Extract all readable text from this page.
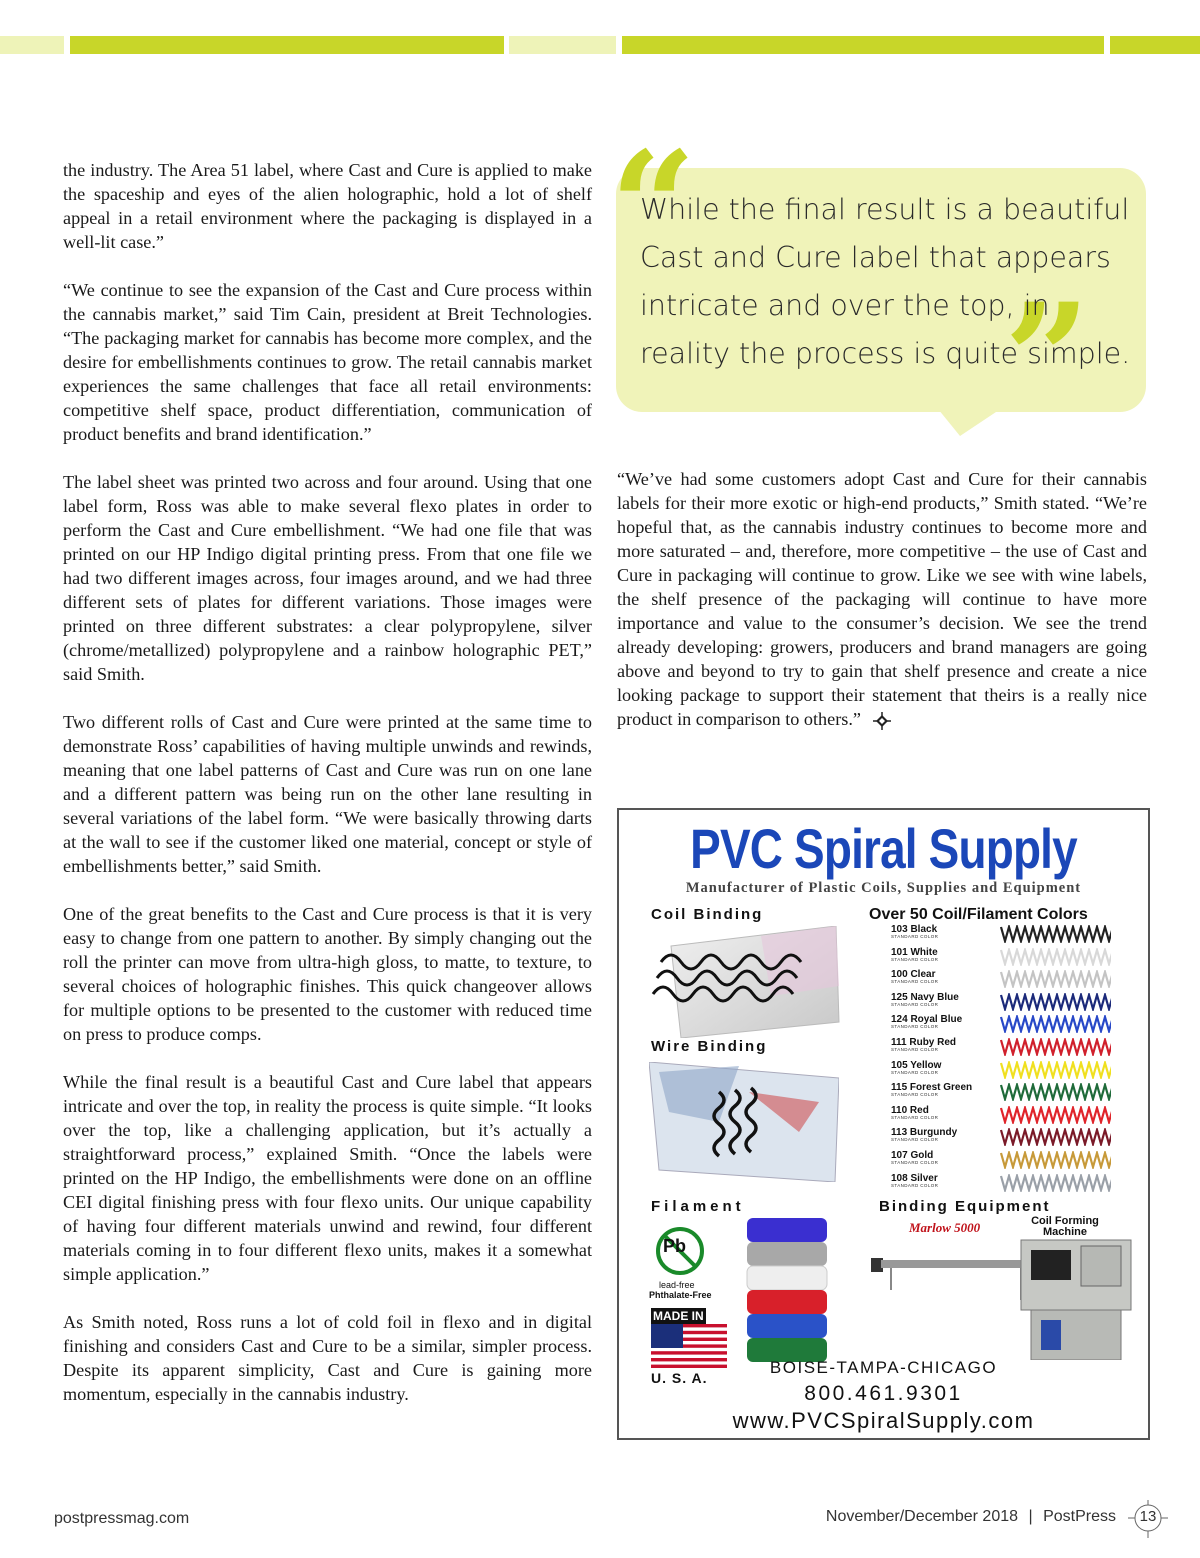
the industry. The Area 51 label, where Cast and Cure is applied to make the spaceship and eyes of the alien holographic, hold a lot of shelf appeal in a retail environment where the packaging is displayed in a well-lit case.”

“We continue to see the expansion of the Cast and Cure process within the cannabis market,” said Tim Cain, president at Breit Technologies. “The packaging market for cannabis has become more complex, and the desire for embellishments continues to grow. The retail cannabis market experiences the same challenges that face all retail environments: competitive shelf space, product differentiation, communication of product benefits and brand identification.”

The label sheet was printed two across and four around. Using that one label form, Ross was able to make several flexo plates in order to perform the Cast and Cure embellishment. “We had one file that was printed on our HP Indigo digital printing press. From that one file we had two different images across, four images around, and we had three different sets of plates for different variations. Those images were printed on three different substrates: a clear polypropylene, silver (chrome/metallized) polypropylene and a rainbow holographic PET,” said Smith.

Two different rolls of Cast and Cure were printed at the same time to demonstrate Ross’ capabilities of having multiple unwinds and rewinds, meaning that one label patterns of Cast and Cure was run on one lane and a different pattern was being run on the other lane resulting in several variations of the label form. “We were basically throwing darts at the wall to see if the customer liked one material, concept or style of embellishments better,” said Smith.

One of the great benefits to the Cast and Cure process is that it is very easy to change from one pattern to another. By simply changing out the roll the printer can move from ultra-high gloss, to matte, to texture, to several choices of holographic finishes. This quick changeover allows for multiple options to be presented to the customer with reduced time on press to produce comps.

While the final result is a beautiful Cast and Cure label that appears intricate and over the top, in reality the process is quite simple. “It looks over the top, like a challenging application, but it’s actually a straightforward process,” explained Smith. “Once the labels were printed on the HP Indigo, the embellishments were done on an offline CEI digital finishing press with four flexo units. Our unique capability of having four different materials unwind and rewind, four different materials coming in to four different flexo units, makes it a somewhat simple application.”

As Smith noted, Ross runs a lot of cold foil in flexo and in digital finishing and considers Cast and Cure to be a similar, simpler process. Despite its apparent simplicity, Cast and Cure is gaining more momentum, especially in the cannabis industry.

“
”
While the final result is a beautiful Cast and Cure label that appears intricate and over the top, in reality the process is quite simple.

“We’ve had some customers adopt Cast and Cure for their cannabis labels for their more exotic or high-end products,” Smith stated. “We’re hopeful that, as the cannabis industry continues to become more and more saturated – and, therefore, more competitive – the use of Cast and Cure in packaging will continue to grow. Like we see with wine labels, the shelf presence of the packaging will continue to have more importance and value to the consumer’s decision. We see the trend already developing: growers, producers and brand managers are going above and beyond to try to gain that shelf presence and create a nice looking package to support their statement that theirs is a really nice product in comparison to others.”

PVC Spiral Supply
Manufacturer of Plastic Coils, Supplies and Equipment
Coil Binding	Over 50 Coil/Filament Colors
Wire Binding
103 Black
STANDARD COLOR
101 White
STANDARD COLOR
100 Clear
STANDARD COLOR
125 Navy Blue
STANDARD COLOR
124 Royal Blue
STANDARD COLOR
111 Ruby Red
STANDARD COLOR
105 Yellow
STANDARD COLOR
115 Forest Green
STANDARD COLOR
110 Red
STANDARD COLOR
113 Burgundy
STANDARD COLOR
107 Gold
STANDARD COLOR
108 Silver
STANDARD COLOR
Filament	Binding Equipment
Marlow 5000	Coil Forming Machine
Pb
lead-free
Phthalate-Free
MADE IN
U. S. A.
BOISE-TAMPA-CHICAGO
800.461.9301
www.PVCSpiralSupply.com
postpressmag.com	November/December 2018 | PostPress	13
